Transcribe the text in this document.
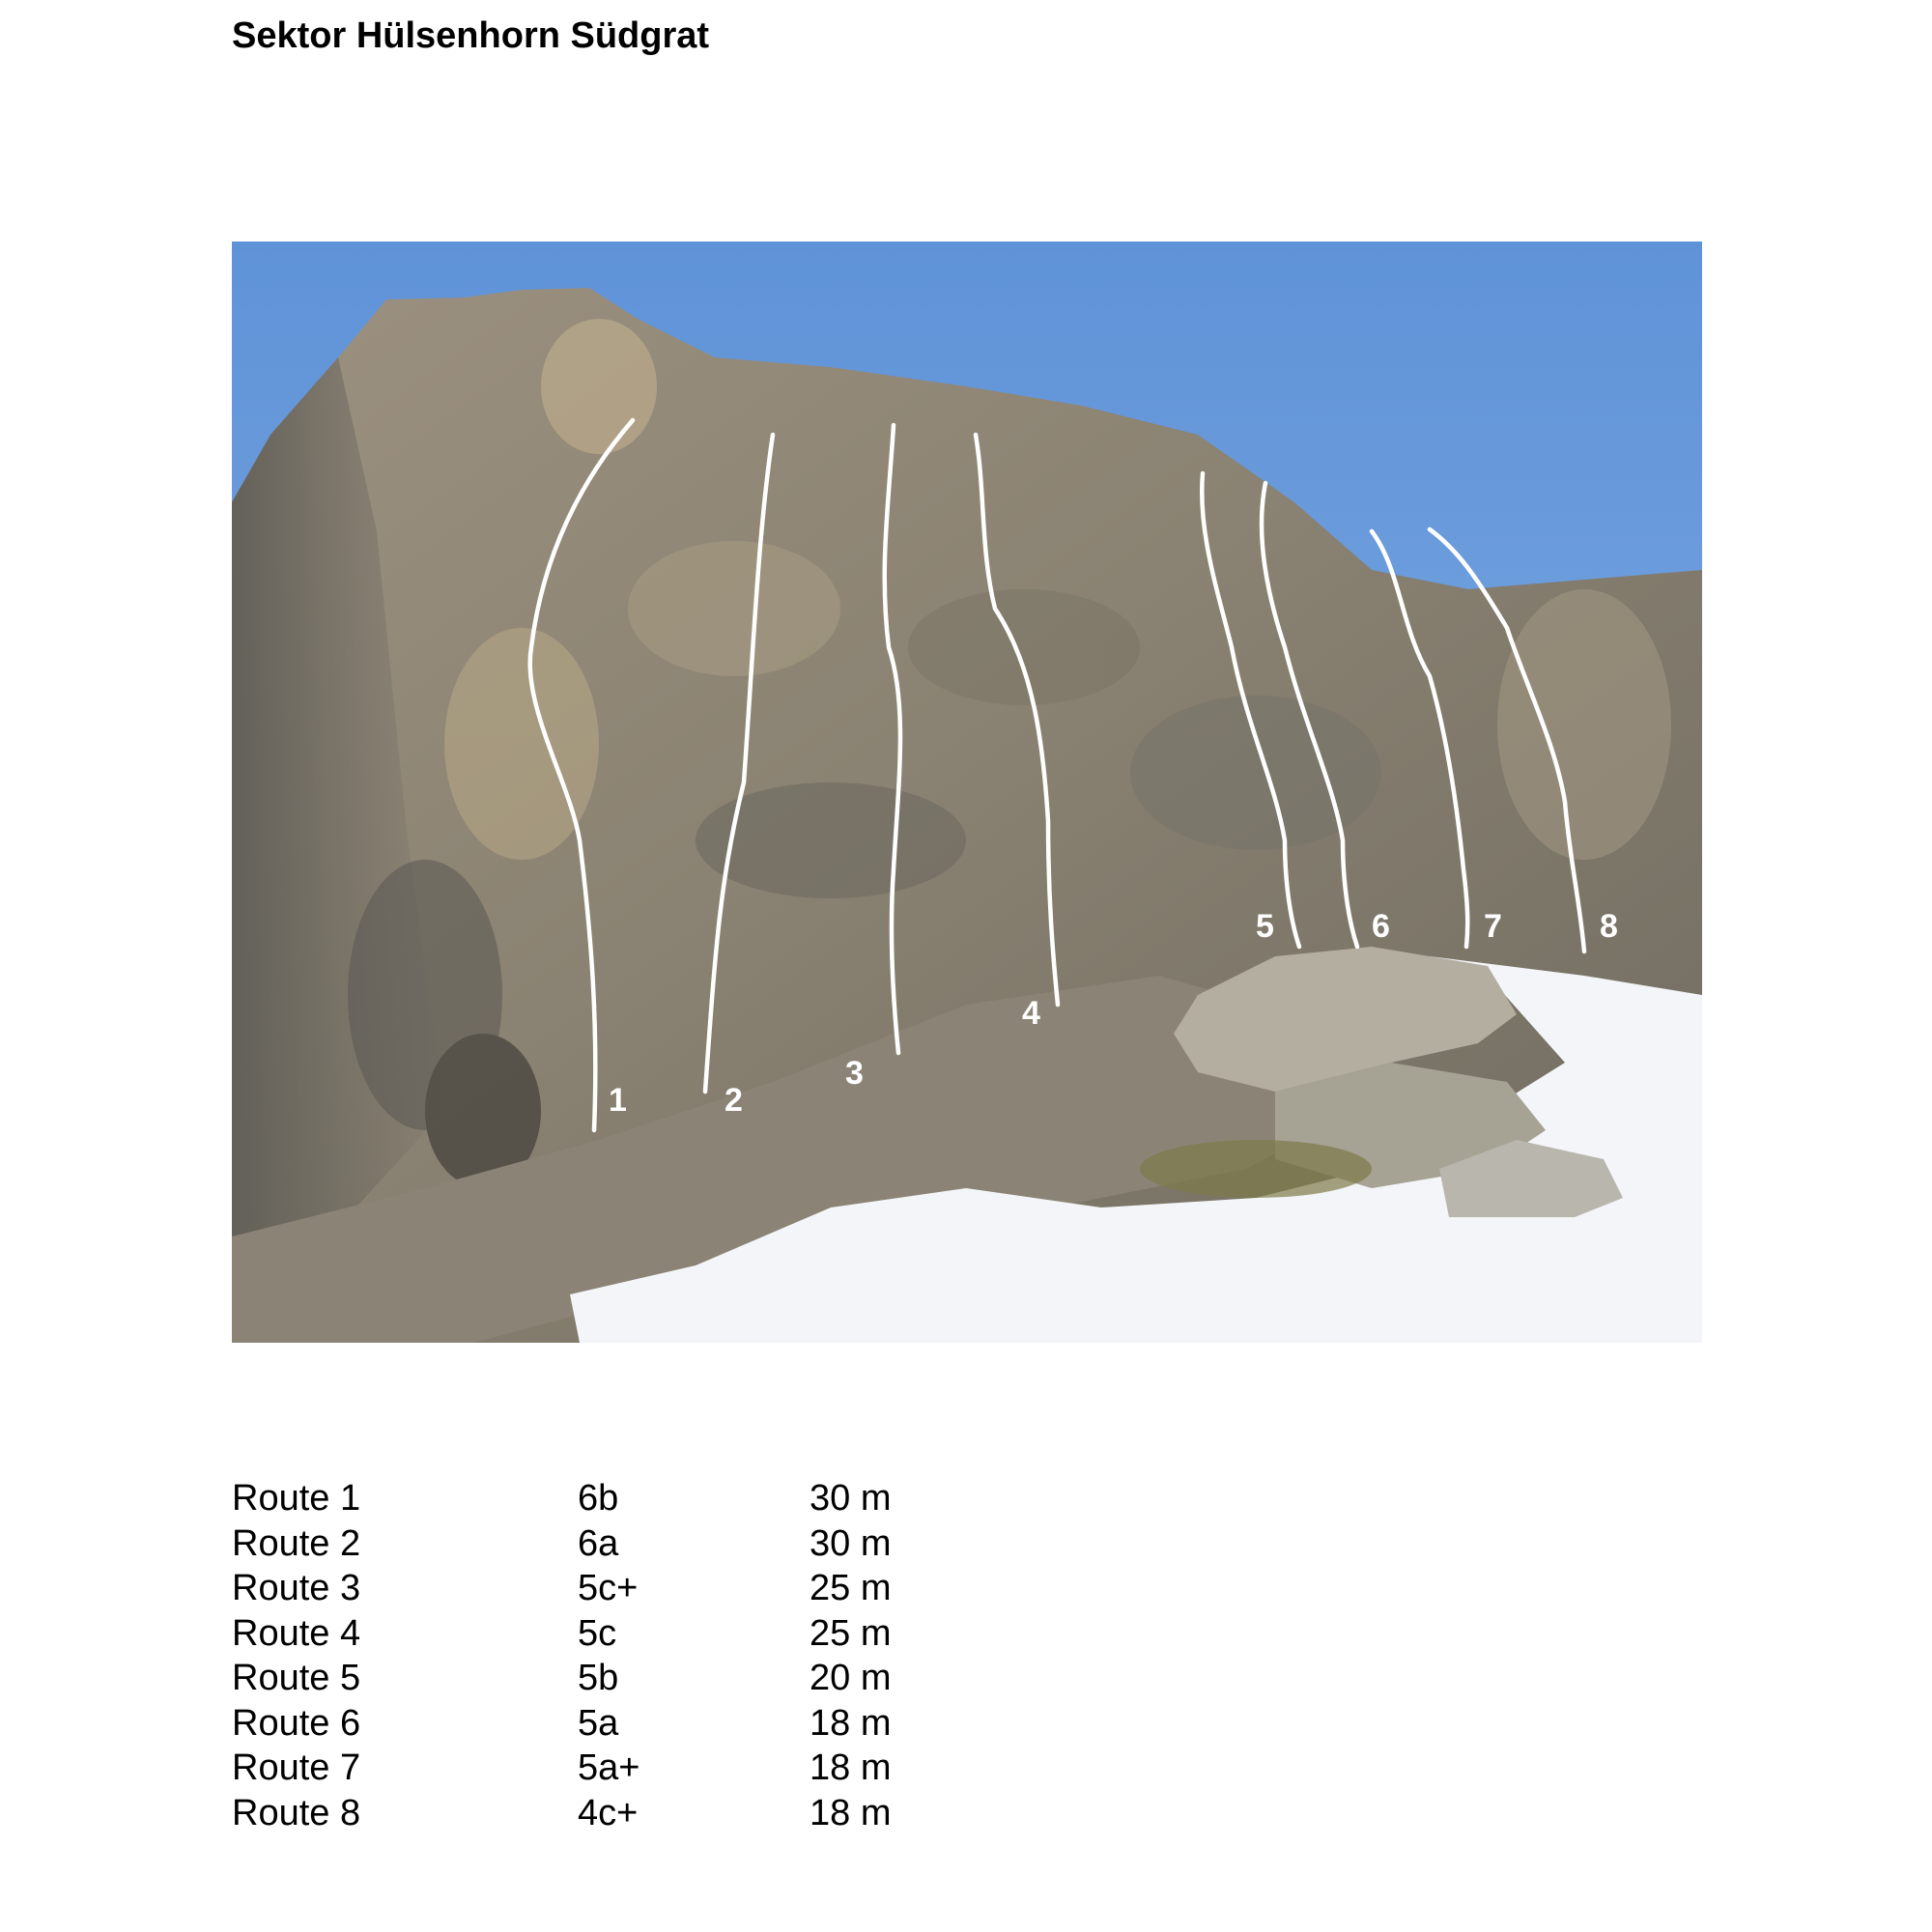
Sektor Hülsenhorn Südgrat
1	2
3
4
5	6	7	8
Route 1	6b	30 m
Route 2	6a	30 m
Route 3	5c+	25 m
Route 4	5c	25 m
Route 5	5b	20 m
Route 6	5a	18 m
Route 7	5a+	18 m
Route 8	4c+	18 m
